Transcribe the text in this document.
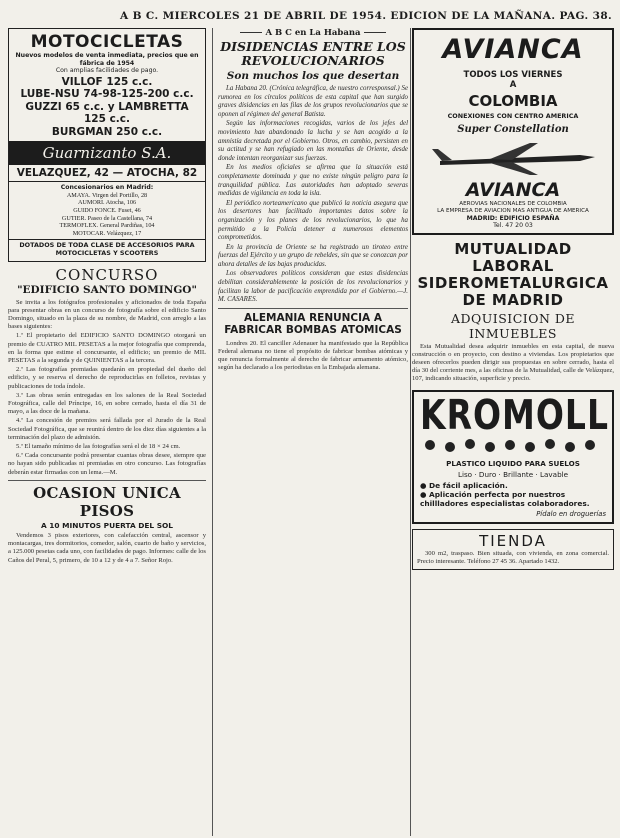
A B C. MIERCOLES 21 DE ABRIL DE 1954. EDICION DE LA MAÑANA. PAG. 38.
MOTOCICLETAS
Nuevos modelos de venta inmediata, precios que en fábrica de 1954
Con amplias facilidades de pago.
VILLOF 125 c.c.
LUBE-NSU 74-98-125-200 c.c.
GUZZI 65 c.c. y LAMBRETTA 125 c.c.
BURGMAN 250 c.c.
Guarnizanto S.A.
VELAZQUEZ, 42 — ATOCHA, 82
Concesionarios en Madrid:
AMAYA. Virgen del Portillo, 28
AUMORI. Atocha, 106
GUIDO FONCE. Fuset, 46
GUTIER. Paseo de la Castellana, 74
TERMOFLEX. General Pardiñas, 104
MOTOCAR. Velázquez, 17
DOTADOS DE TODA CLASE DE ACCESORIOS PARA MOTOCICLETAS Y SCOOTERS
CONCURSO
"EDIFICIO SANTO DOMINGO"

Se invita a los fotógrafos profesionales y aficionados de toda España para presentar obras en un concurso de fotografía sobre el edificio Santo Domingo, situado en la plaza de su nombre, de Madrid, con arreglo a las bases siguientes:

1.ª El propietario del EDIFICIO SANTO DOMINGO otorgará un premio de CUATRO MIL PESETAS a la mejor fotografía que comprenda, en la forma que estime el concursante, el edificio; un premio de MIL PESETAS a la segunda y de QUINIENTAS a la tercera.

2.ª Las fotografías premiadas quedarán en propiedad del dueño del edificio, y se reserva el derecho de reproducirlas en folletos, revistas y publicaciones de toda índole.

3.ª Las obras serán entregadas en los salones de la Real Sociedad Fotográfica, calle del Príncipe, 16, en sobre cerrado, hasta el día 31 de mayo, a las doce de la mañana.

4.ª La concesión de premios será fallada por el Jurado de la Real Sociedad Fotográfica, que se reunirá dentro de los diez días siguientes a la terminación del plazo de admisión.

5.ª El tamaño mínimo de las fotografías será el de 18 × 24 cm.

6.ª Cada concursante podrá presentar cuantas obras desee, siempre que no hayan sido publicadas ni premiadas en otro concurso. Las fotografías deberán estar firmadas con un lema.—M.

OCASION UNICA PISOS
A 10 MINUTOS PUERTA DEL SOL

Vendemos 3 pisos exteriores, con calefacción central, ascensor y montacargas, tres dormitorios, comedor, salón, cuarto de baño y servicios, a 125.000 pesetas cada uno, con facilidades de pago. Informes: calle de los Caños del Peral, 5, primero, de 10 a 12 y de 4 a 7. Señor Rojo.

A B C en La Habana
DISIDENCIAS ENTRE LOS REVOLUCIONARIOS
Son muchos los que desertan

La Habana 20. (Crónica telegráfica, de nuestro corresponsal.) Se rumorea en los círculos políticos de esta capital que han surgido graves disidencias en las filas de los grupos revolucionarios que se oponen al régimen del general Batista.

Según las informaciones recogidas, varios de los jefes del movimiento han abandonado la lucha y se han acogido a la amnistía decretada por el Gobierno. Otros, en cambio, persisten en su actitud y se han refugiado en las montañas de Oriente, desde donde intentan reorganizar sus fuerzas.

En los medios oficiales se afirma que la situación está completamente dominada y que no existe ningún peligro para la tranquilidad pública. Las autoridades han adoptado severas medidas de vigilancia en toda la isla.

El periódico norteamericano que publicó la noticia asegura que los desertores han facilitado importantes datos sobre la organización y los planes de los revolucionarios, lo que ha permitido a la Policía detener a numerosos elementos comprometidos.

En la provincia de Oriente se ha registrado un tiroteo entre fuerzas del Ejército y un grupo de rebeldes, sin que se conozcan por ahora detalles de las bajas producidas.

Los observadores políticos consideran que estas disidencias debilitan considerablemente la posición de los revolucionarios y facilitan la labor de pacificación emprendida por el Gobierno.—J. M. CASARES.

ALEMANIA RENUNCIA A FABRICAR BOMBAS ATOMICAS

Londres 20. El canciller Adenauer ha manifestado que la República Federal alemana no tiene el propósito de fabricar bombas atómicas y que renuncia formalmente al derecho de fabricar armamento atómico, según ha declarado a los periodistas en la Embajada alemana.

AVIANCA
TODOS LOS VIERNES
A
COLOMBIA
CONEXIONES CON CENTRO AMERICA
Super Constellation
AVIANCA
AEROVIAS NACIONALES DE COLOMBIA
LA EMPRESA DE AVIACION MAS ANTIGUA DE AMERICA
MADRID: EDIFICIO ESPAÑA
Tel. 47 20 03
MUTUALIDAD LABORAL SIDEROMETALURGICA DE MADRID
ADQUISICION DE INMUEBLES

Esta Mutualidad desea adquirir inmuebles en esta capital, de nueva construcción o en proyecto, con destino a viviendas. Los propietarios que deseen ofrecerlos pueden dirigir sus propuestas en sobre cerrado, hasta el día 30 del corriente mes, a las oficinas de la Mutualidad, calle de Velázquez, 107, indicando situación, superficie y precio.

KROMOLL
PLASTICO LIQUIDO PARA SUELOS
Liso · Duro · Brillante · Lavable
● De fácil aplicación.
● Aplicación perfecta por nuestros chillladores especialistas colaboradores.
Pídalo en droguerías
TIENDA

300 m2, traspaso. Bien situada, con vivienda, en zona comercial. Precio interesante. Teléfono 27 45 36. Apartado 1432.
